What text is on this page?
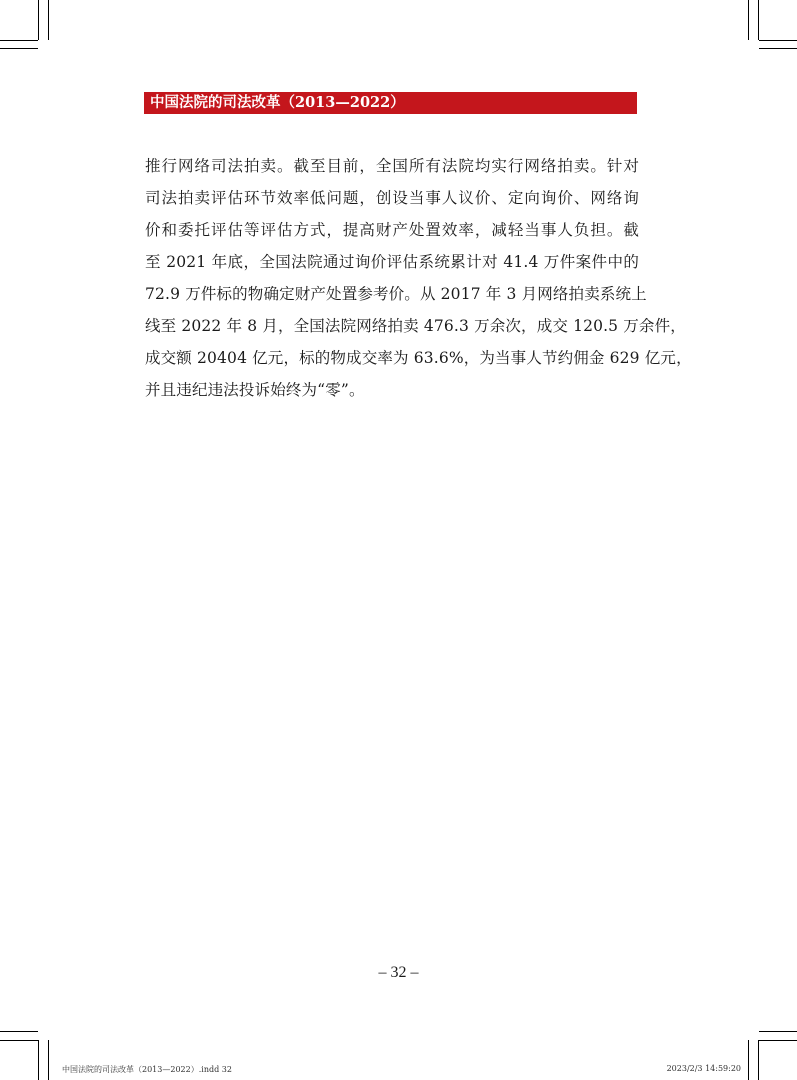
中国法院的司法改革（2013—2022）
推行网络司法拍卖。截至目前，全国所有法院均实行网络拍卖。针对
司法拍卖评估环节效率低问题，创设当事人议价、定向询价、网络询
价和委托评估等评估方式，提高财产处置效率，减轻当事人负担。截
至 2021 年底，全国法院通过询价评估系统累计对 41.4 万件案件中的
72.9 万件标的物确定财产处置参考价。从 2017 年 3 月网络拍卖系统上
线至 2022 年 8 月，全国法院网络拍卖 476.3 万余次，成交 120.5 万余件，
成交额 20404 亿元，标的物成交率为 63.6%，为当事人节约佣金 629 亿元，
并且违纪违法投诉始终为“零”。
– 32 –
中国法院的司法改革（2013—2022）.indd 32	2023/2/3 14:59:20
